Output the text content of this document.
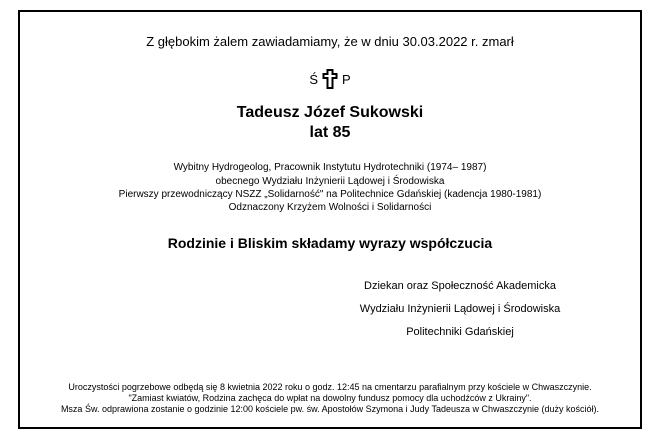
Z głębokim żalem zawiadamiamy, że w dniu 30.03.2022 r. zmarł
Ś P
Tadeusz Józef Sukowski
lat 85
Wybitny Hydrogeolog, Pracownik Instytutu Hydrotechniki (1974– 1987)
obecnego Wydziału Inżynierii Lądowej i Środowiska
Pierwszy przewodniczący NSZZ „Solidarność" na Politechnice Gdańskiej (kadencja 1980-1981)
Odznaczony Krzyżem Wolności i Solidarności
Rodzinie i Bliskim składamy wyrazy współczucia
Dziekan oraz Społeczność Akademicka
Wydziału Inżynierii Lądowej i Środowiska
Politechniki Gdańskiej
Uroczystości pogrzebowe odbędą się 8 kwietnia 2022 roku o godz. 12:45 na cmentarzu parafialnym przy kościele w Chwaszczynie.
"Zamiast kwiatów, Rodzina zachęca do wpłat na dowolny fundusz pomocy dla uchodźców z Ukrainy".
Msza Św. odprawiona zostanie o godzinie 12:00 kościele pw. św. Apostołów Szymona i Judy Tadeusza w Chwaszczynie (duży kościół).
